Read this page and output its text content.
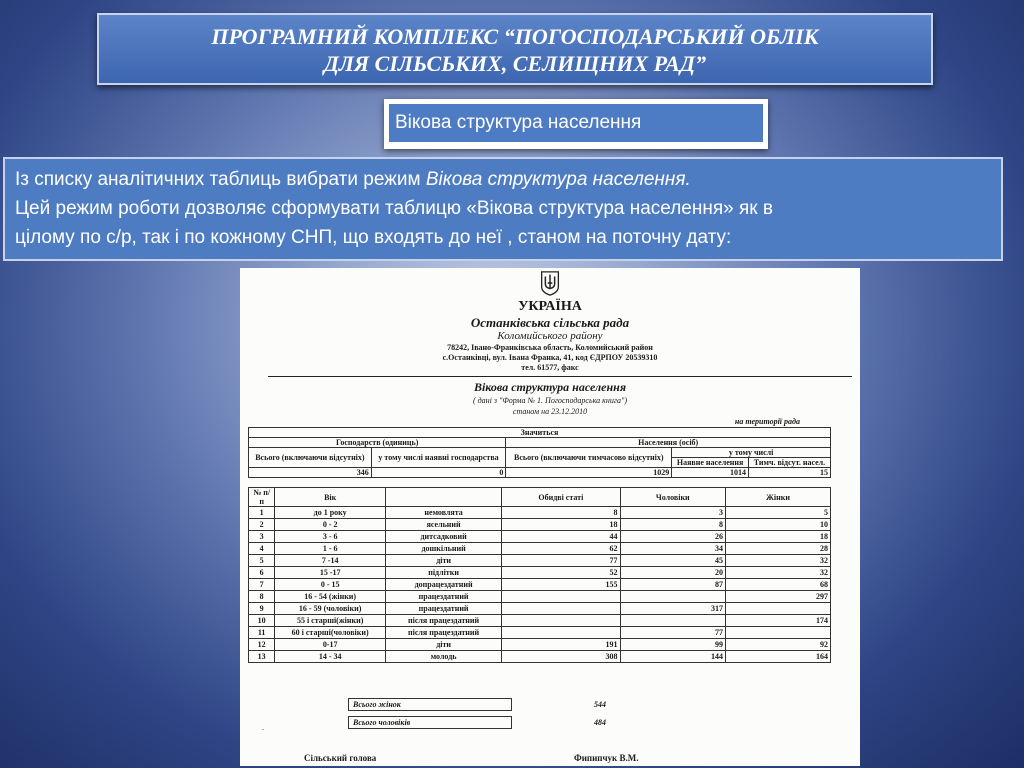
ПРОГРАМНИЙ КОМПЛЕКС “ПОГОСПОДАРСЬКИЙ ОБЛІК
ДЛЯ СІЛЬСЬКИХ, СЕЛИЩНИХ РАД”
Вікова структура населення
Із списку аналітичних таблиць вибрати режим Вікова структура населення.
Цей режим роботи дозволяє сформувати таблицю «Вікова структура населення» як в
цілому по с/р, так і по кожному СНП, що входять до неї , станом на поточну дату:
УКРАЇНА
Останківська сільська рада
Коломийського району
78242, Івано-Франківська область, Коломийський район
с.Останківці, вул. Івана Франка, 41, код ЄДРПОУ 20539310
тел. 61577, факс
Вікова структура населення
( дані з "Форма № 1. Погосподарська книга")
станом на 23.12.2010
на території рада
Значиться				
Господарств (одиниць)		Населення (осіб)		
Всього (включаючи відсутніх)	у тому числі наявні господарства	Всього (включаючи тимчасово відсутніх)	у тому числі	
			Наявне населення	Тимч. відсут. насел.
346	0	1029	1014	15
№ п/п	Вік		Обидві статі	Чоловіки	Жінки
1	до 1 року	немовлята	8	3	5
2	0 - 2	ясельний	18	8	10
3	3 - 6	дитсадковий	44	26	18
4	1 - 6	дошкільний	62	34	28
5	7 -14	діти	77	45	32
6	15 -17	підлітки	52	20	32
7	0 - 15	допрацездатний	155	87	68
8	16 - 54 (жінки)	працездатний			297
9	16 - 59 (чоловіки)	працездатний		317	
10	55 і старші(жінки)	після працездатний			174
11	60 і старші(чоловіки)	після працездатний		77	
12	0-17	діти	191	99	92
13	14 - 34	молодь	308	144	164
.
Всього жінок	544
Всього чоловіків	484
Сільський голова	Фипипчук В.М.
